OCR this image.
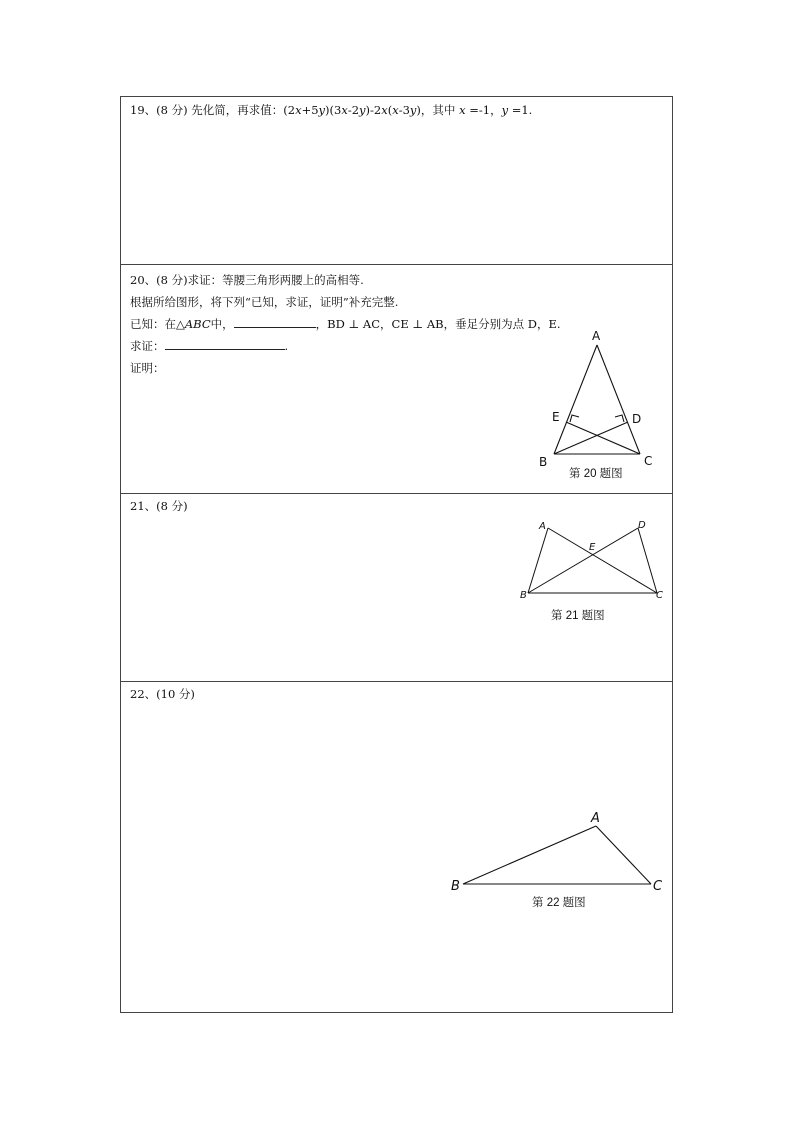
19、(8 分) 先化简，再求值：(2x+5y)(3x-2y)-2x(x-3y)，其中 x =-1，y =1.
20、(8 分)求证：等腰三角形两腰上的高相等.
根据所给图形，将下列“已知，求证，证明”补充完整.
已知：在△ABC中，	，BD ⊥ AC，CE ⊥ AB，垂足分别为点 D，E.
求证：	.
证明：
A
B	C
D
E
第 20 题图
21、(8 分)
A
B	C
D
E
第 21 题图
22、(10 分)
A
B	C
第 22 题图
